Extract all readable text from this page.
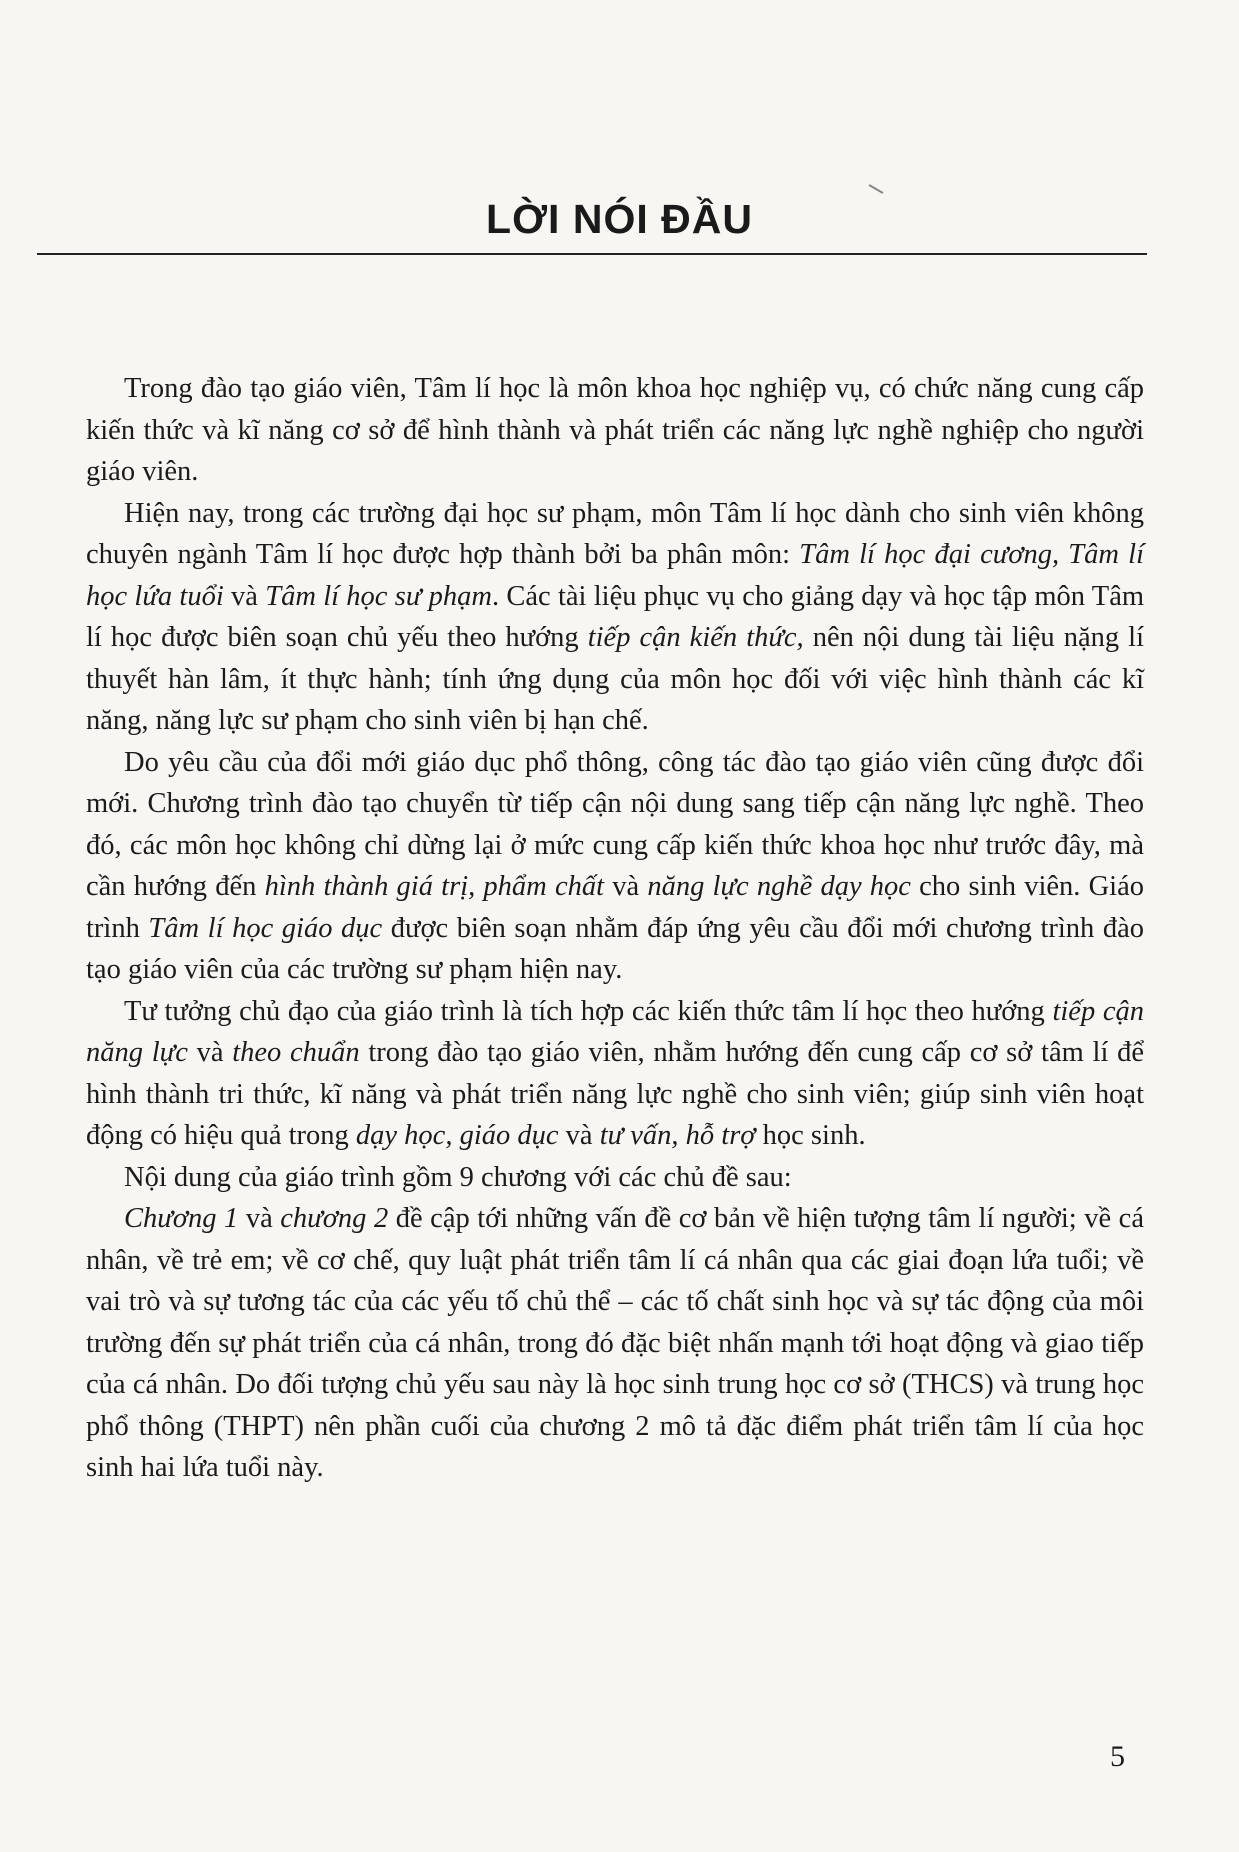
LỜI NÓI ĐẦU

Trong đào tạo giáo viên, Tâm lí học là môn khoa học nghiệp vụ, có chức năng cung cấp kiến thức và kĩ năng cơ sở để hình thành và phát triển các năng lực nghề nghiệp cho người giáo viên.

Hiện nay, trong các trường đại học sư phạm, môn Tâm lí học dành cho sinh viên không chuyên ngành Tâm lí học được hợp thành bởi ba phân môn: Tâm lí học đại cương, Tâm lí học lứa tuổi và Tâm lí học sư phạm. Các tài liệu phục vụ cho giảng dạy và học tập môn Tâm lí học được biên soạn chủ yếu theo hướng tiếp cận kiến thức, nên nội dung tài liệu nặng lí thuyết hàn lâm, ít thực hành; tính ứng dụng của môn học đối với việc hình thành các kĩ năng, năng lực sư phạm cho sinh viên bị hạn chế.

Do yêu cầu của đổi mới giáo dục phổ thông, công tác đào tạo giáo viên cũng được đổi mới. Chương trình đào tạo chuyển từ tiếp cận nội dung sang tiếp cận năng lực nghề. Theo đó, các môn học không chỉ dừng lại ở mức cung cấp kiến thức khoa học như trước đây, mà cần hướng đến hình thành giá trị, phẩm chất và năng lực nghề dạy học cho sinh viên. Giáo trình Tâm lí học giáo dục được biên soạn nhằm đáp ứng yêu cầu đổi mới chương trình đào tạo giáo viên của các trường sư phạm hiện nay.

Tư tưởng chủ đạo của giáo trình là tích hợp các kiến thức tâm lí học theo hướng tiếp cận năng lực và theo chuẩn trong đào tạo giáo viên, nhằm hướng đến cung cấp cơ sở tâm lí để hình thành tri thức, kĩ năng và phát triển năng lực nghề cho sinh viên; giúp sinh viên hoạt động có hiệu quả trong dạy học, giáo dục và tư vấn, hỗ trợ học sinh.

Nội dung của giáo trình gồm 9 chương với các chủ đề sau:

Chương 1 và chương 2 đề cập tới những vấn đề cơ bản về hiện tượng tâm lí người; về cá nhân, về trẻ em; về cơ chế, quy luật phát triển tâm lí cá nhân qua các giai đoạn lứa tuổi; về vai trò và sự tương tác của các yếu tố chủ thể – các tố chất sinh học và sự tác động của môi trường đến sự phát triển của cá nhân, trong đó đặc biệt nhấn mạnh tới hoạt động và giao tiếp của cá nhân. Do đối tượng chủ yếu sau này là học sinh trung học cơ sở (THCS) và trung học phổ thông (THPT) nên phần cuối của chương 2 mô tả đặc điểm phát triển tâm lí của học sinh hai lứa tuổi này.

5
